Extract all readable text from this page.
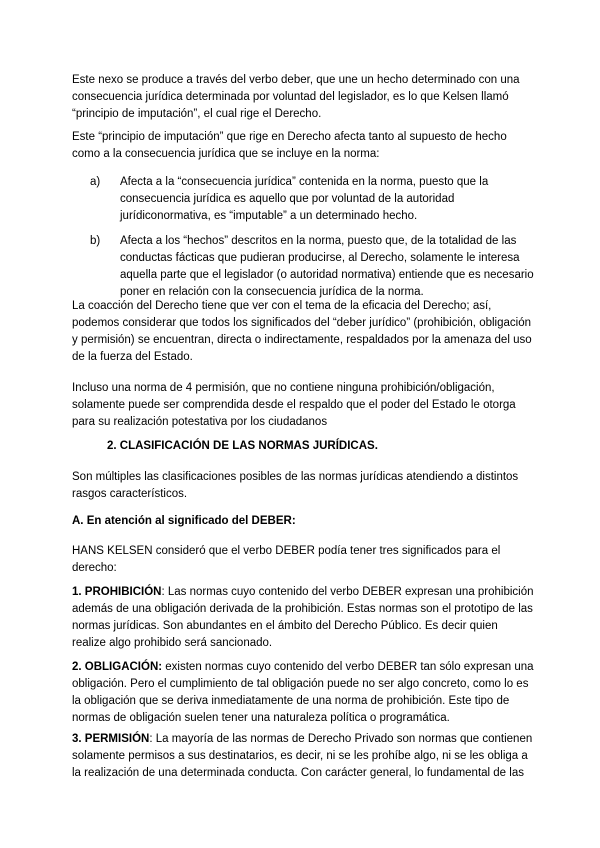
Este nexo se produce a través del verbo deber, que une un hecho determinado con una consecuencia jurídica determinada por voluntad del legislador, es lo que Kelsen llamó “principio de imputación”, el cual rige el Derecho.

Este “principio de imputación” que rige en Derecho afecta tanto al supuesto de hecho como a la consecuencia jurídica que se incluye en la norma:

a) Afecta a la “consecuencia jurídica” contenida en la norma, puesto que la consecuencia jurídica es aquello que por voluntad de la autoridad jurídiconormativa, es “imputable” a un determinado hecho.
b) Afecta a los “hechos” descritos en la norma, puesto que, de la totalidad de las conductas fácticas que pudieran producirse, al Derecho, solamente le interesa aquella parte que el legislador (o autoridad normativa) entiende que es necesario poner en relación con la consecuencia jurídica de la norma.

La coacción del Derecho tiene que ver con el tema de la eficacia del Derecho; así, podemos considerar que todos los significados del “deber jurídico” (prohibición, obligación y permisión) se encuentran, directa o indirectamente, respaldados por la amenaza del uso de la fuerza del Estado.

Incluso una norma de 4 permisión, que no contiene ninguna prohibición/obligación, solamente puede ser comprendida desde el respaldo que el poder del Estado le otorga para su realización potestativa por los ciudadanos

2. CLASIFICACIÓN DE LAS NORMAS JURÍDICAS.

Son múltiples las clasificaciones posibles de las normas jurídicas atendiendo a distintos rasgos característicos.

A. En atención al significado del DEBER:

HANS KELSEN consideró que el verbo DEBER podía tener tres significados para el derecho:

1. PROHIBICIÓN: Las normas cuyo contenido del verbo DEBER expresan una prohibición además de una obligación derivada de la prohibición. Estas normas son el prototipo de las normas jurídicas. Son abundantes en el ámbito del Derecho Público. Es decir quien realize algo prohibido será sancionado.

2. OBLIGACIÓN: existen normas cuyo contenido del verbo DEBER tan sólo expresan una obligación. Pero el cumplimiento de tal obligación puede no ser algo concreto, como lo es la obligación que se deriva inmediatamente de una norma de prohibición. Este tipo de normas de obligación suelen tener una naturaleza política o programática.

3. PERMISIÓN: La mayoría de las normas de Derecho Privado son normas que contienen solamente permisos a sus destinatarios, es decir, ni se les prohíbe algo, ni se les obliga a la realización de una determinada conducta. Con carácter general, lo fundamental de las
